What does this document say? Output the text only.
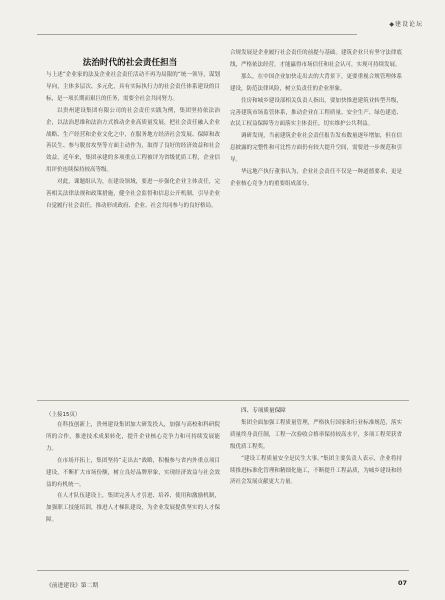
◆建设论坛
法治时代的社会责任担当

与上述“企业家的法及企业社会责任活动不再为局限的“统一领导，谋划导向，主体多层次、多元化，具有实际执行力的社会责任体系建设的目标，是一项长期而艰巨的任务，需要全社会共同努力。

以贵州建设集团有限公司的社会责任实践为例，集团坚持依法治企，以法治思维和法治方式推动企业高质量发展，把社会责任融入企业战略、生产经营和企业文化之中，在服务地方经济社会发展、保障和改善民生、参与脱贫攻坚等方面主动作为，取得了良好的经济效益和社会效益。近年来，集团承建的多项重点工程被评为省级优质工程，企业信用评价连续保持较高等级。

对此，课题组认为，在建设领域，要进一步强化企业主体责任，完善相关法律法规和政策措施，健全社会监督和信息公开机制，引导企业自觉履行社会责任，推动形成政府、企业、社会共同参与的良好格局。

合规发展是企业履行社会责任的前提与基础。建筑企业只有坚守法律底线，严格依法经营，才能赢得市场信任和社会认可，实现可持续发展。

那么，在中国企业加快走出去的大背景下，更要重视合规管理体系建设，防范法律风险，树立负责任的企业形象。

住房和城乡建设部相关负责人指出，要加快推进建筑业转型升级，完善建筑市场监管体系，推动企业在工程质量、安全生产、绿色建造、农民工权益保障等方面落实主体责任，切实维护公共利益。

调研发现，当前建筑企业社会责任报告发布数量逐年增加，但在信息披露的完整性和可比性方面仍有较大提升空间，需要进一步规范和引导。

华远地产执行董事认为，企业社会责任不仅是一种道德要求，更是企业核心竞争力的重要组成部分。

（上接15页）

在科技创新上，贵州建设集团加大研发投入，加强与高校和科研院所的合作，推进技术成果转化，提升企业核心竞争力和可持续发展能力。

在市场开拓上，集团坚持“走出去”战略，积极参与省内外重点项目建设，不断扩大市场份额，树立良好品牌形象，实现经济效益与社会效益的有机统一。

在人才队伍建设上，集团完善人才引进、培养、使用和激励机制，加强职工技能培训，推进人才梯队建设，为企业发展提供坚实的人才保障。

四、专项质量保障

集团全面加强工程质量管理，严格执行国家和行业标准规范，落实质量终身责任制，工程一次验收合格率保持较高水平，多项工程荣获省级优质工程奖。

“建设工程质量安全是民生大事。”集团主要负责人表示，企业将持续推进标准化管理和精细化施工，不断提升工程品质，为城乡建设和经济社会发展贡献更大力量。

《前进建设》第二期	07
